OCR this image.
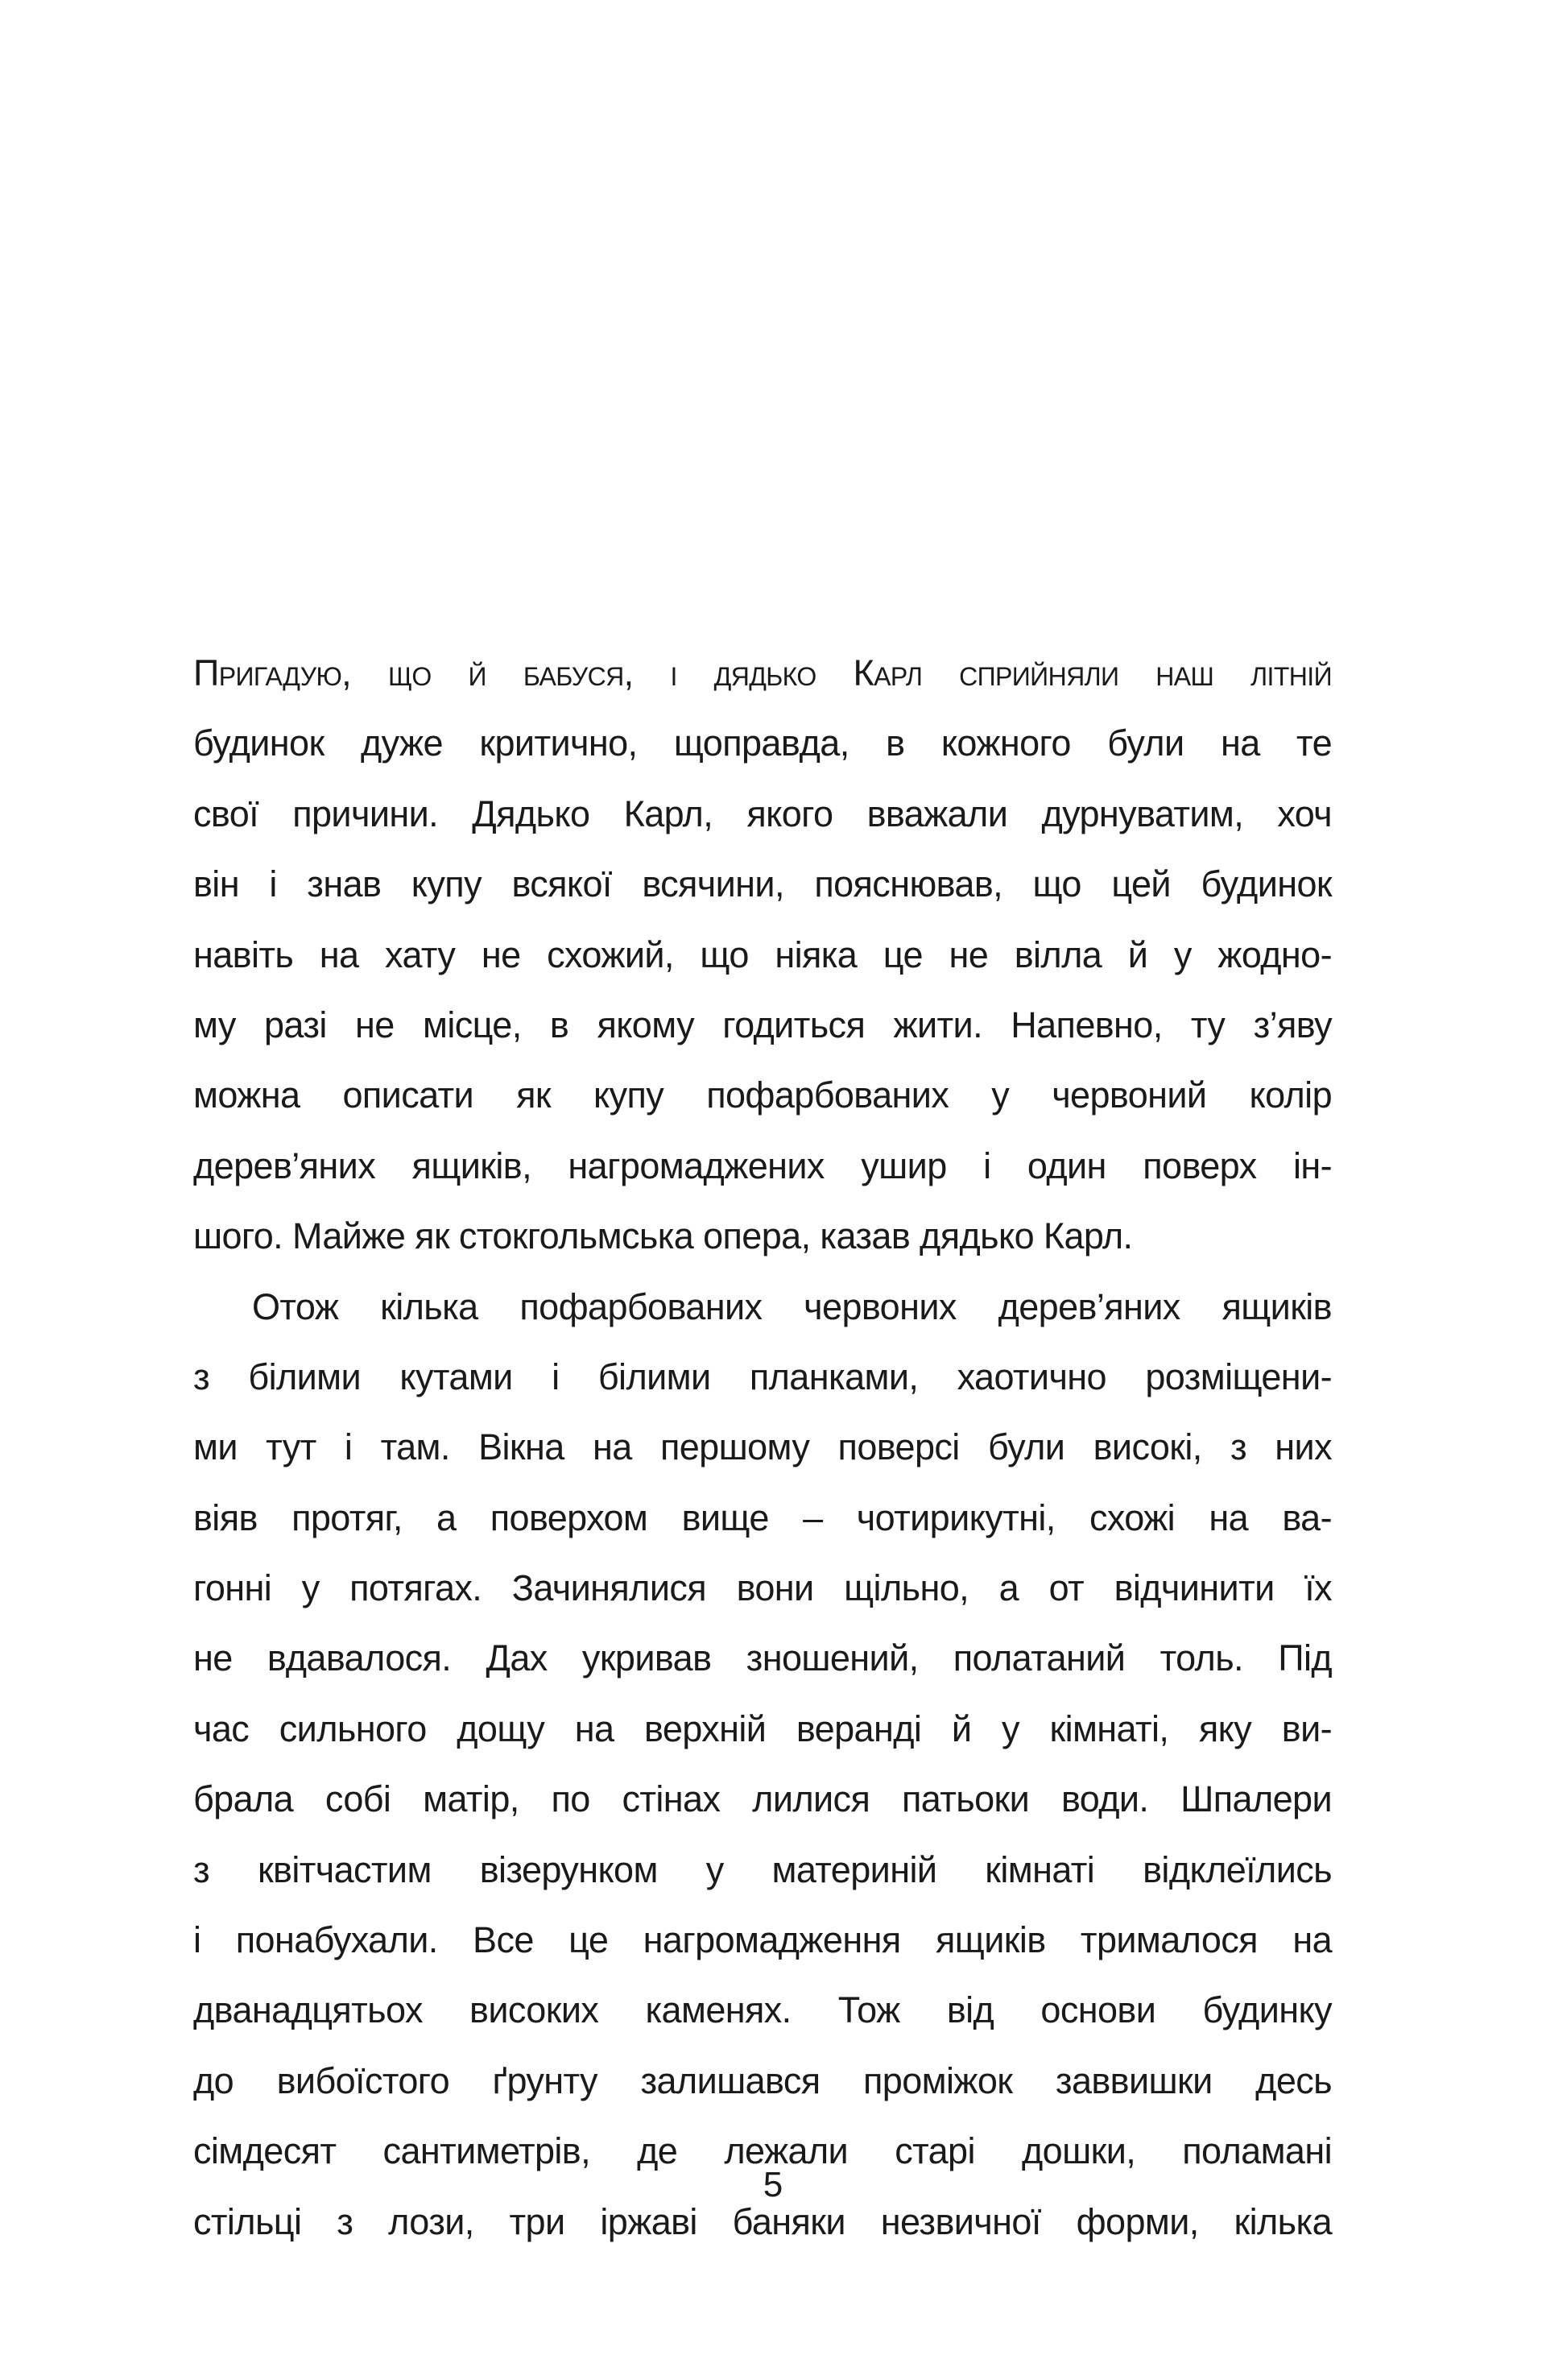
Пригадую, що й бабуся, і дядько Карл сприйняли наш літній
будинок дуже критично, щоправда, в кожного були на те
свої причини. Дядько Карл, якого вважали дурнуватим, хоч
він і знав купу всякої всячини, пояснював, що цей будинок
навіть на хату не схожий, що ніяка це не вілла й у жодно-
му разі не місце, в якому годиться жити. Напевно, ту з’яву
можна описати як купу пофарбованих у червоний колір
дерев’яних ящиків, нагромаджених ушир і один поверх ін-
шого. Майже як стокгольмська опера, казав дядько Карл.
Отож кілька пофарбованих червоних дерев’яних ящиків
з білими кутами і білими планками, хаотично розміщени-
ми тут і там. Вікна на першому поверсі були високі, з них
віяв протяг, а поверхом вище – чотирикутні, схожі на ва-
гонні у потягах. Зачинялися вони щільно, а от відчинити їх
не вдавалося. Дах укривав зношений, полатаний толь. Під
час сильного дощу на верхній веранді й у кімнаті, яку ви-
брала собі матір, по стінах лилися патьоки води. Шпалери
з квітчастим візерунком у материній кімнаті відклеїлись
і понабухали. Все це нагромадження ящиків трималося на
дванадцятьох високих каменях. Тож від основи будинку
до вибоїстого ґрунту залишався проміжок заввишки десь
сімдесят сантиметрів, де лежали старі дошки, поламані
стільці з лози, три іржаві баняки незвичної форми, кілька
5
